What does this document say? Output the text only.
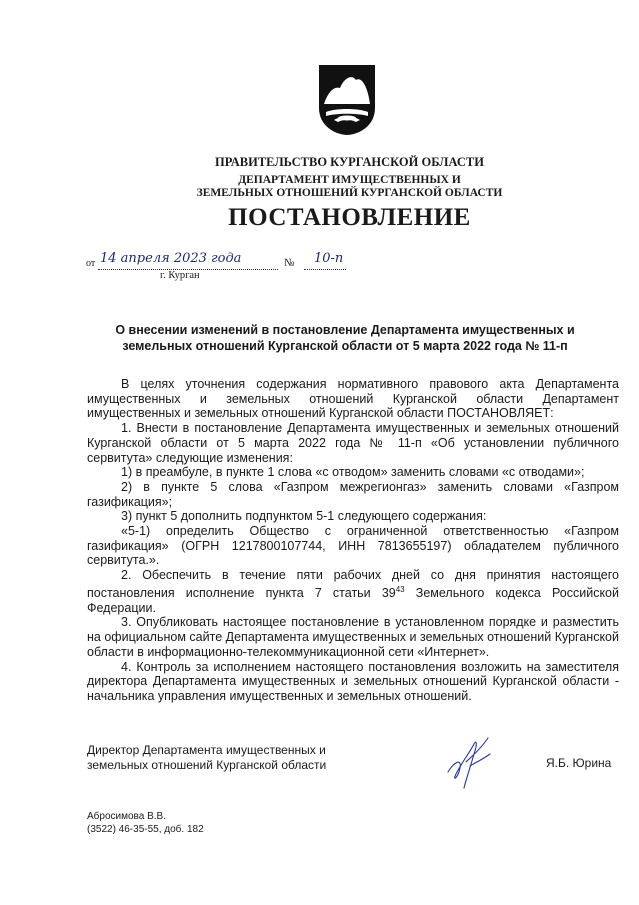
ПРАВИТЕЛЬСТВО КУРГАНСКОЙ ОБЛАСТИ
ДЕПАРТАМЕНТ ИМУЩЕСТВЕННЫХ И
ЗЕМЕЛЬНЫХ ОТНОШЕНИЙ КУРГАНСКОЙ ОБЛАСТИ
ПОСТАНОВЛЕНИЕ
от 14 апреля 2023 года	№ 10-п
г. Курган
О внесении изменений в постановление Департамента имущественных и
земельных отношений Курганской области от 5 марта 2022 года № 11-п

В целях уточнения содержания нормативного правового акта Департамента имущественных и земельных отношений Курганской области Департамент имущественных и земельных отношений Курганской области ПОСТАНОВЛЯЕТ:

1. Внести в постановление Департамента имущественных и земельных отношений Курганской области от 5 марта 2022 года № 11-п «Об установлении публичного сервитута» следующие изменения:

1) в преамбуле, в пункте 1 слова «с отводом» заменить словами «с отводами»;

2) в пункте 5 слова «Газпром межрегионгаз» заменить словами «Газпром газификация»;

3) пункт 5 дополнить подпунктом 5-1 следующего содержания:

«5-1) определить Общество с ограниченной ответственностью «Газпром газификация» (ОГРН 1217800107744, ИНН 7813655197) обладателем публичного сервитута.».

2. Обеспечить в течение пяти рабочих дней со дня принятия настоящего постановления исполнение пункта 7 статьи $39^{43}$ Земельного кодекса Российской Федерации.

3. Опубликовать настоящее постановление в установленном порядке и разместить на официальном сайте Департамента имущественных и земельных отношений Курганской области в информационно-телекоммуникационной сети «Интернет».

4. Контроль за исполнением настоящего постановления возложить на заместителя директора Департамента имущественных и земельных отношений Курганской области - начальника управления имущественных и земельных отношений.

Директор Департамента имущественных и
земельных отношений Курганской области	Я.Б. Юрина
Абросимова В.В.
(3522) 46-35-55, доб. 182
